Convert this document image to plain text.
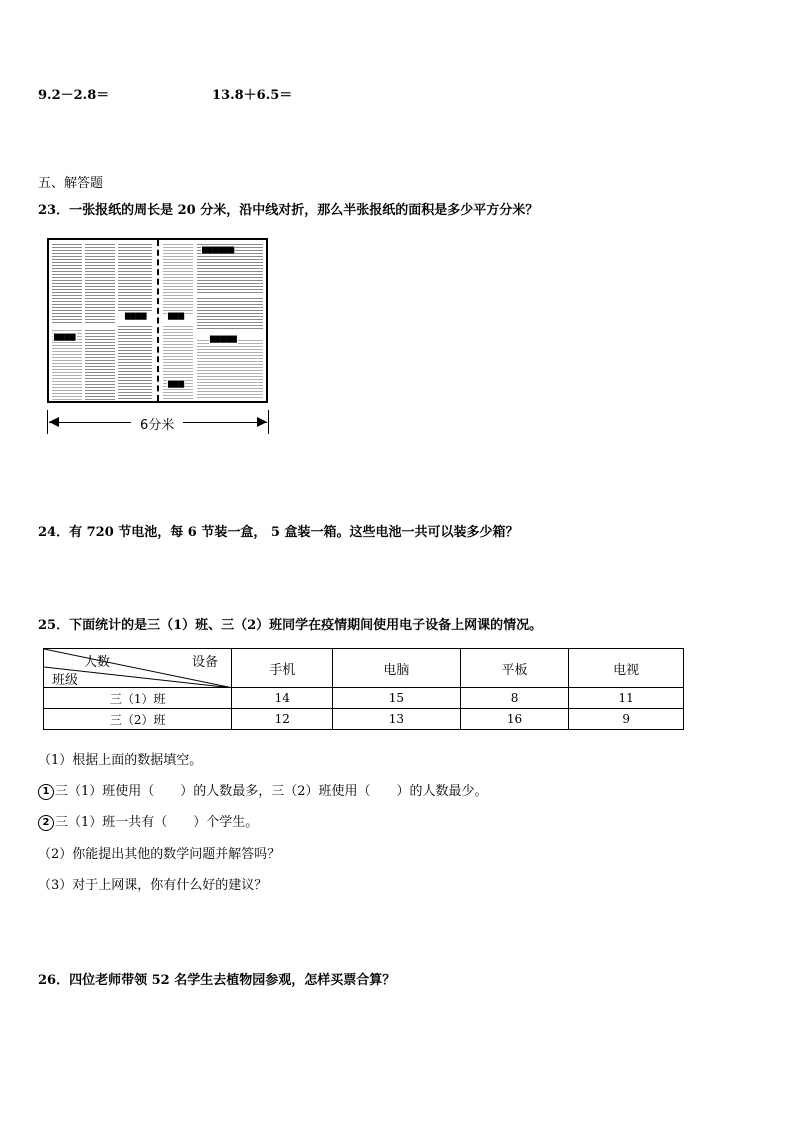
9.2－2.8＝	13.8＋6.5＝
五、解答题
23．一张报纸的周长是 20 分米，沿中线对折，那么半张报纸的面积是多少平方分米？
▇▇▇▇
▇▇▇▇
▇▇▇▇▇▇
▇▇▇
▇▇▇▇▇
▇▇▇
6分米
24．有 720 节电池，每 6 节装一盒， 5 盒装一箱。这些电池一共可以装多少箱？
25．下面统计的是三（1）班、三（2）班同学在疫情期间使用电子设备上网课的情况。
人数 设备
班级	手机	电脑	平板	电视
三（1）班	14	15	8	11
三（2）班	12	13	16	9
（1）根据上面的数据填空。
1 三（1）班使用（　　）的人数最多，三（2）班使用（　　）的人数最少。
2 三（1）班一共有（　　）个学生。
（2）你能提出其他的数学问题并解答吗？
（3）对于上网课，你有什么好的建议？
26．四位老师带领 52 名学生去植物园参观，怎样买票合算？
